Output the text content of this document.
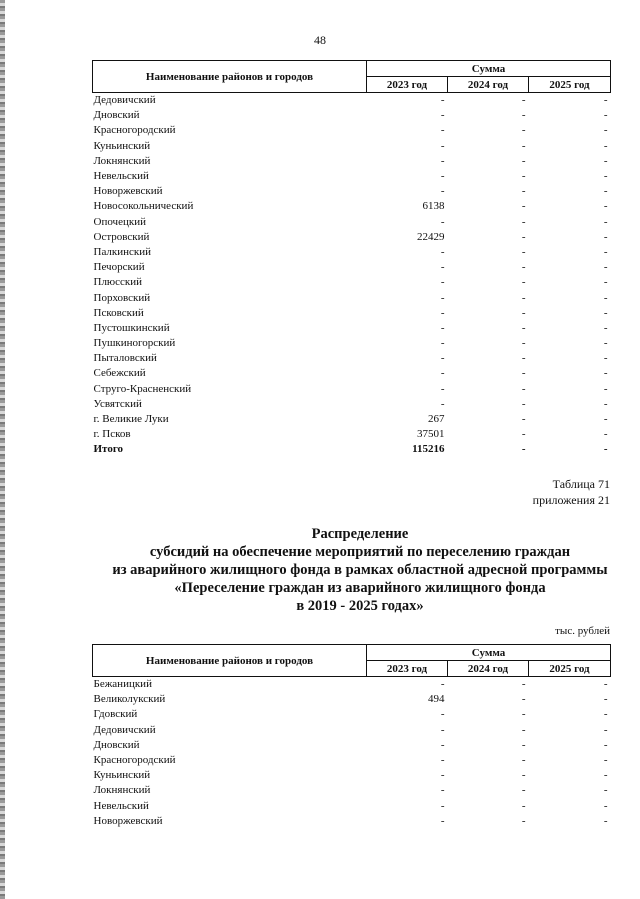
48
Наименование районов и городов	Сумма		
	2023 год	2024 год	2025 год
Дедовичский	-	-	-
Дновский	-	-	-
Красногородский	-	-	-
Куньинский	-	-	-
Локнянский	-	-	-
Невельский	-	-	-
Новоржевский	-	-	-
Новосокольнический	6138	-	-
Опочецкий	-	-	-
Островский	22429	-	-
Палкинский	-	-	-
Печорский	-	-	-
Плюсский	-	-	-
Порховский	-	-	-
Псковский	-	-	-
Пустошкинский	-	-	-
Пушкиногорский	-	-	-
Пыталовский	-	-	-
Себежский	-	-	-
Струго-Красненский	-	-	-
Усвятский	-	-	-
г. Великие Луки	267	-	-
г. Псков	37501	-	-
Итого	115216	-	-
Таблица 71
приложения 21
Распределение
субсидий на обеспечение мероприятий по переселению граждан
из аварийного жилищного фонда в рамках областной адресной программы
«Переселение граждан из аварийного жилищного фонда
в 2019 - 2025 годах»
тыс. рублей
Наименование районов и городов	Сумма		
	2023 год	2024 год	2025 год
Бежаницкий	-	-	-
Великолукский	494	-	-
Гдовский	-	-	-
Дедовичский	-	-	-
Дновский	-	-	-
Красногородский	-	-	-
Куньинский	-	-	-
Локнянский	-	-	-
Невельский	-	-	-
Новоржевский	-	-	-
